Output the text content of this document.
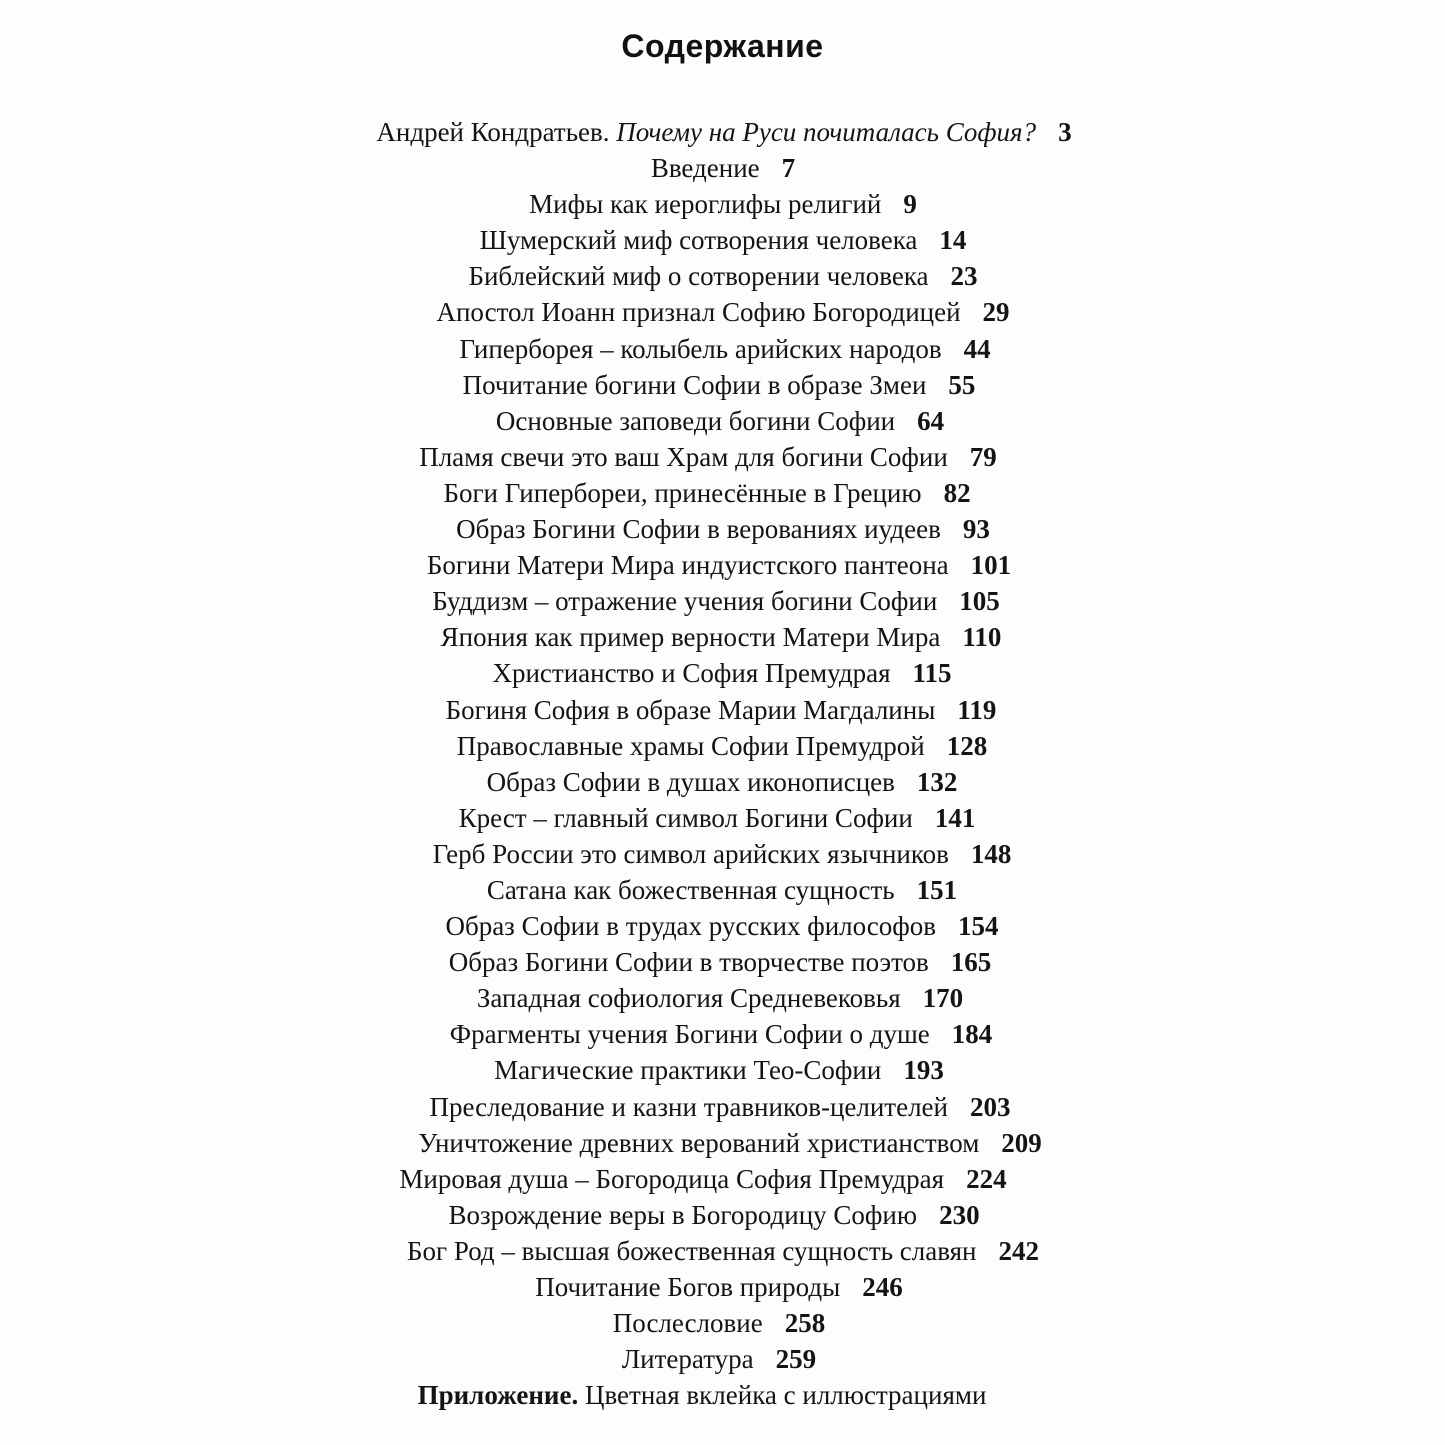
Содержание
Андрей Кондратьев. Почему на Руси почиталась София? 3
Введение 7
Мифы как иероглифы религий 9
Шумерский миф сотворения человека 14
Библейский миф о сотворении человека 23
Апостол Иоанн признал Софию Богородицей 29
Гиперборея – колыбель арийских народов 44
Почитание богини Софии в образе Змеи 55
Основные заповеди богини Софии 64
Пламя свечи это ваш Храм для богини Софии 79
Боги Гипербореи, принесённые в Грецию 82
Образ Богини Софии в верованиях иудеев 93
Богини Матери Мира индуистского пантеона 101
Буддизм – отражение учения богини Софии 105
Япония как пример верности Матери Мира 110
Христианство и София Премудрая 115
Богиня София в образе Марии Магдалины 119
Православные храмы Софии Премудрой 128
Образ Софии в душах иконописцев 132
Крест – главный символ Богини Софии 141
Герб России это символ арийских язычников 148
Сатана как божественная сущность 151
Образ Софии в трудах русских философов 154
Образ Богини Софии в творчестве поэтов 165
Западная софиология Средневековья 170
Фрагменты учения Богини Софии о душе 184
Магические практики Тео-Софии 193
Преследование и казни травников-целителей 203
Уничтожение древних верований христианством 209
Мировая душа – Богородица София Премудрая 224
Возрождение веры в Богородицу Софию 230
Бог Род – высшая божественная сущность славян 242
Почитание Богов природы 246
Послесловие 258
Литература 259
Приложение. Цветная вклейка с иллюстрациями
